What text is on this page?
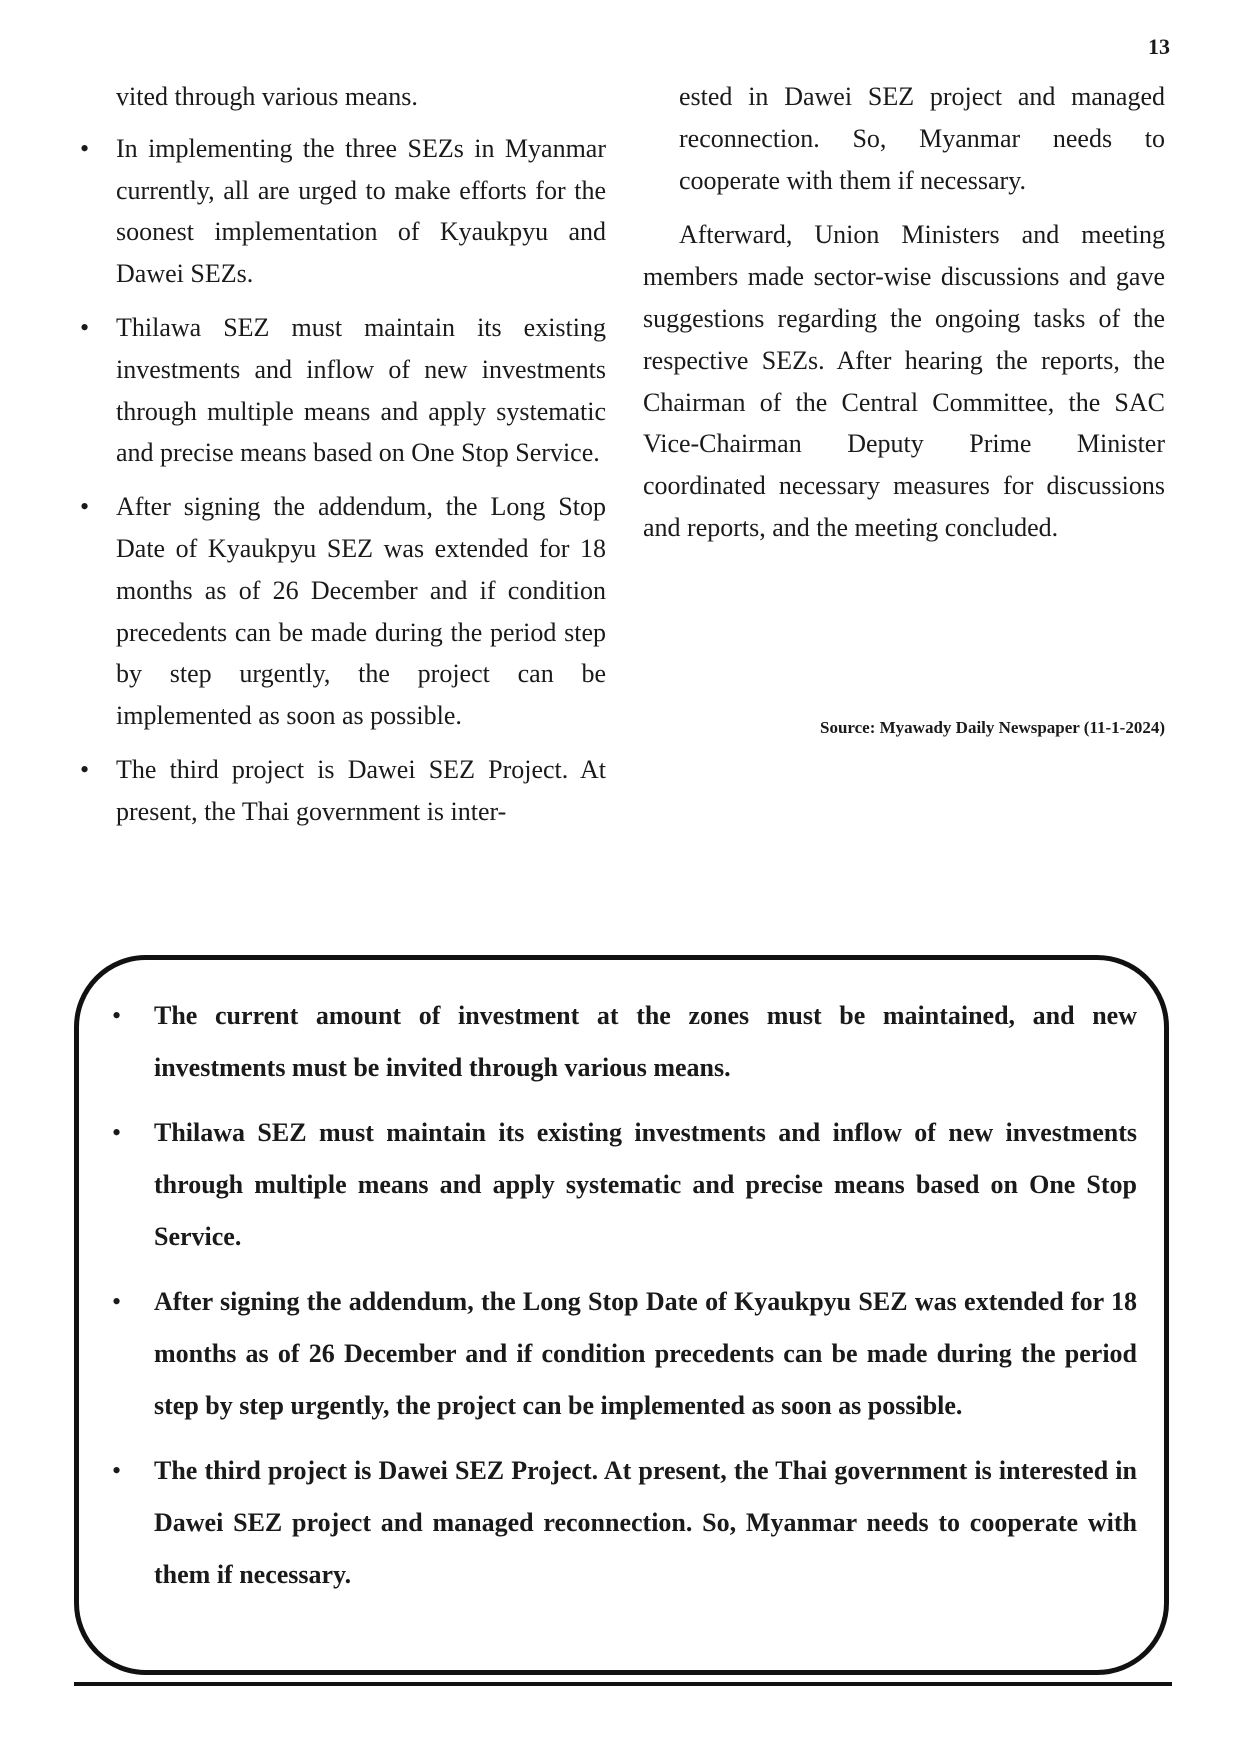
13

vited through various means.

• In implementing the three SEZs in Myanmar currently, all are urged to make efforts for the soonest implementation of Kyaukpyu and Dawei SEZs.
• Thilawa SEZ must maintain its existing investments and inflow of new investments through multiple means and apply systematic and precise means based on One Stop Service.
• After signing the addendum, the Long Stop Date of Kyaukpyu SEZ was extended for 18 months as of 26 December and if condition precedents can be made during the period step by step urgently, the project can be implemented as soon as possible.
• The third project is Dawei SEZ Project. At present, the Thai government is inter-

ested in Dawei SEZ project and managed reconnection. So, Myanmar needs to cooperate with them if necessary.

Afterward, Union Ministers and meeting members made sector-wise discussions and gave suggestions regarding the ongoing tasks of the respective SEZs. After hearing the reports, the Chairman of the Central Committee, the SAC Vice-Chairman Deputy Prime Minister coordinated necessary measures for discussions and reports, and the meeting concluded.

Source: Myawady Daily Newspaper (11-1-2024)
• The current amount of investment at the zones must be maintained, and new investments must be invited through various means.
• Thilawa SEZ must maintain its existing investments and inflow of new investments through multiple means and apply systematic and precise means based on One Stop Service.
• After signing the addendum, the Long Stop Date of Kyaukpyu SEZ was extended for 18 months as of 26 December and if condition precedents can be made during the period step by step urgently, the project can be implemented as soon as possible.
• The third project is Dawei SEZ Project. At present, the Thai government is interested in Dawei SEZ project and managed reconnection. So, Myanmar needs to cooperate with them if necessary.
